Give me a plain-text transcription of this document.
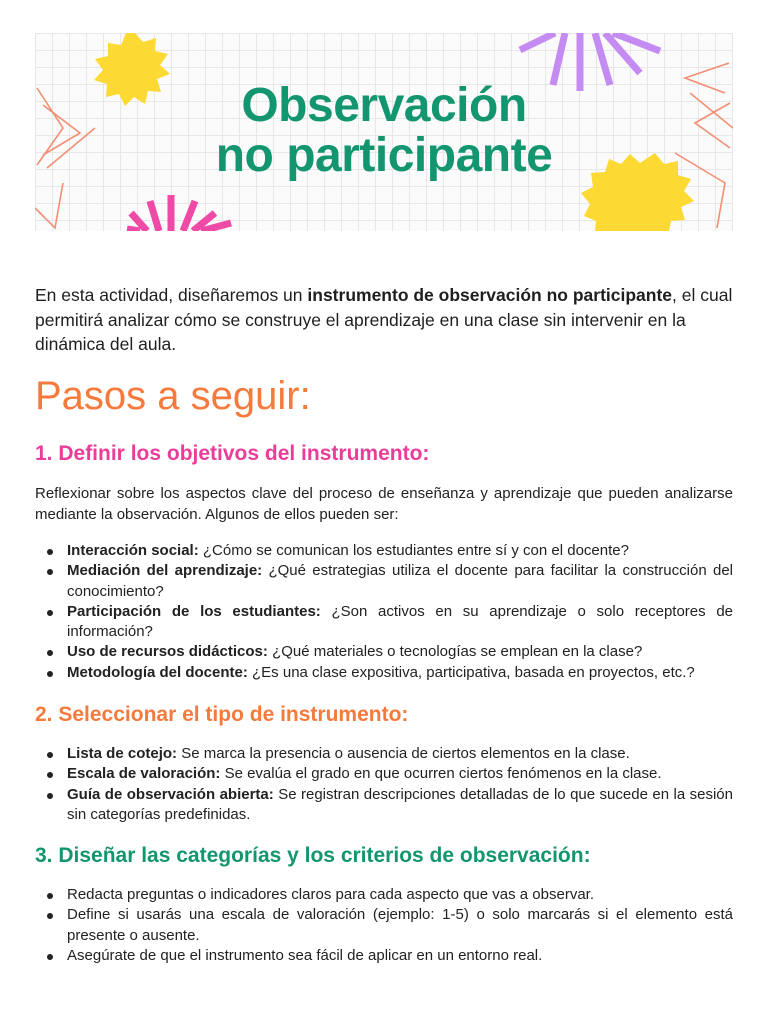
Observación
no participante

En esta actividad, diseñaremos un instrumento de observación no participante, el cual permitirá analizar cómo se construye el aprendizaje en una clase sin intervenir en la dinámica del aula.

Pasos a seguir:
1. Definir los objetivos del instrumento:

Reflexionar sobre los aspectos clave del proceso de enseñanza y aprendizaje que pueden analizarse mediante la observación. Algunos de ellos pueden ser:

Interacción social: ¿Cómo se comunican los estudiantes entre sí y con el docente?
Mediación del aprendizaje: ¿Qué estrategias utiliza el docente para facilitar la construcción del conocimiento?
Participación de los estudiantes: ¿Son activos en su aprendizaje o solo receptores de información?
Uso de recursos didácticos: ¿Qué materiales o tecnologías se emplean en la clase?
Metodología del docente: ¿Es una clase expositiva, participativa, basada en proyectos, etc.?
2. Seleccionar el tipo de instrumento:
Lista de cotejo: Se marca la presencia o ausencia de ciertos elementos en la clase.
Escala de valoración: Se evalúa el grado en que ocurren ciertos fenómenos en la clase.
Guía de observación abierta: Se registran descripciones detalladas de lo que sucede en la sesión sin categorías predefinidas.
3. Diseñar las categorías y los criterios de observación:
Redacta preguntas o indicadores claros para cada aspecto que vas a observar.
Define si usarás una escala de valoración (ejemplo: 1-5) o solo marcarás si el elemento está presente o ausente.
Asegúrate de que el instrumento sea fácil de aplicar en un entorno real.
